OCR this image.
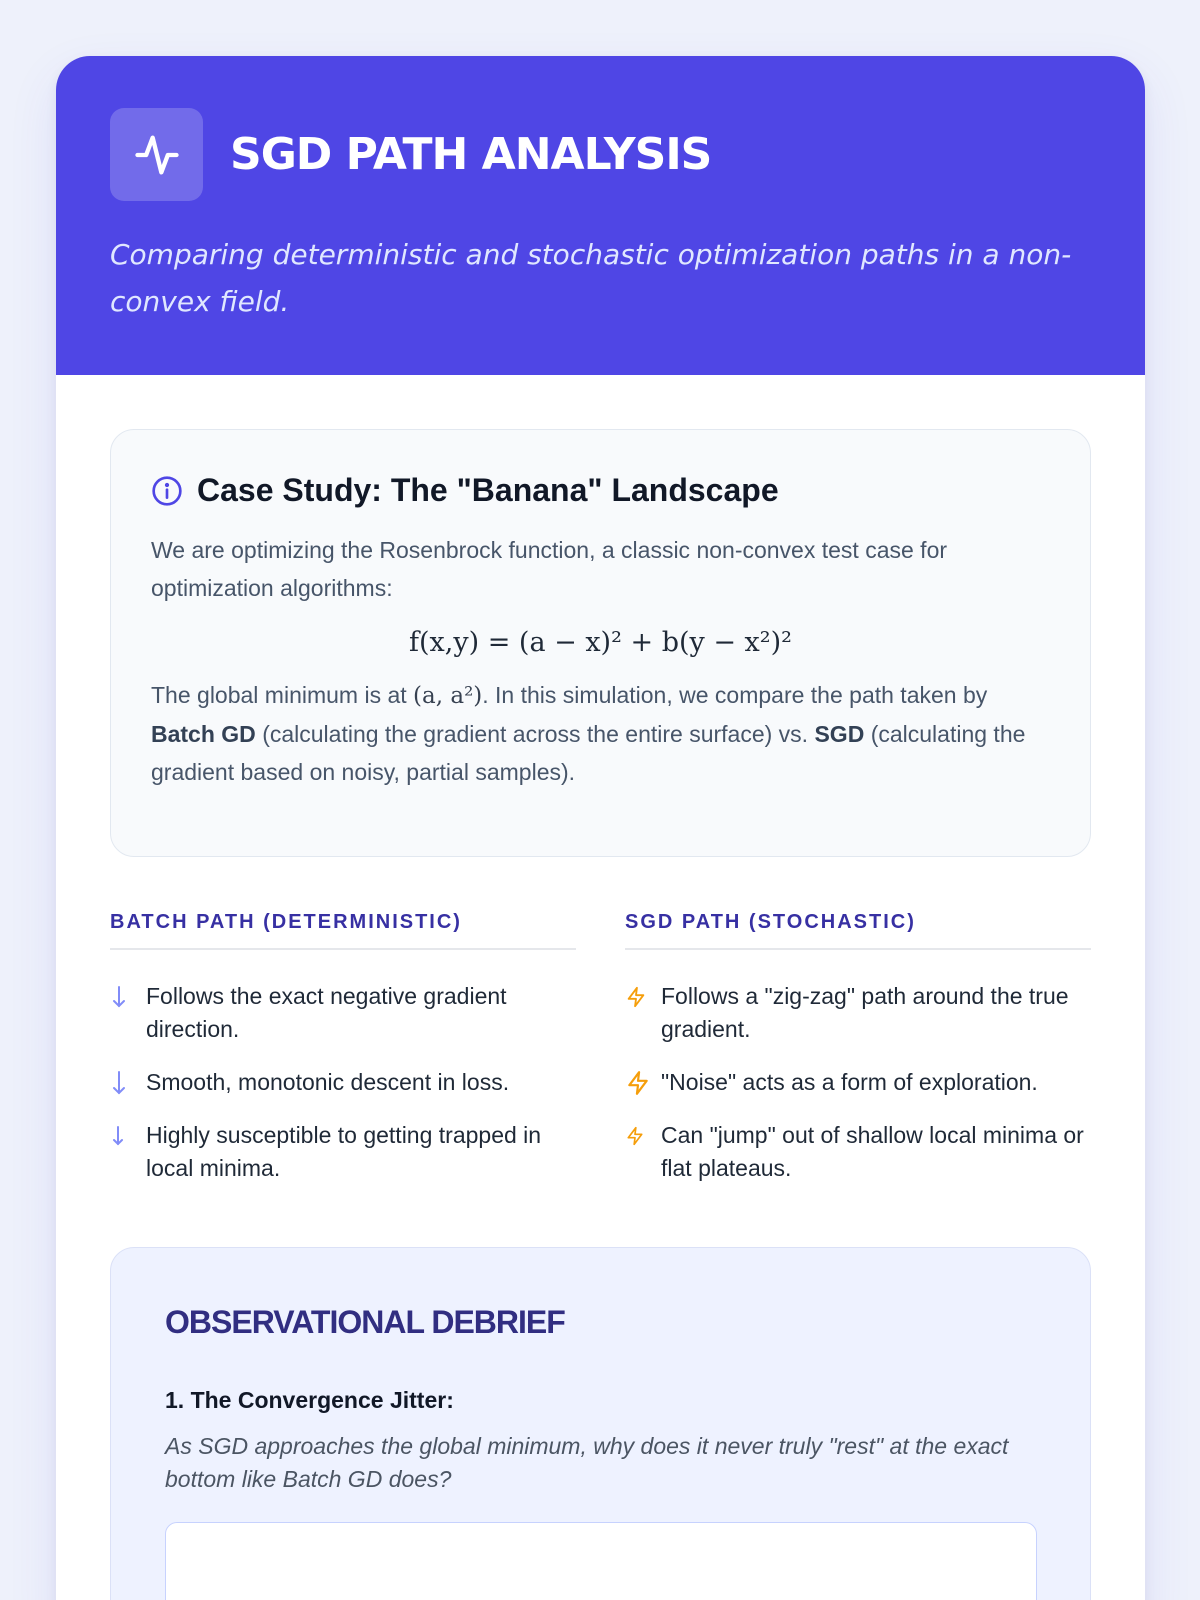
SGD PATH ANALYSIS

Comparing deterministic and stochastic optimization paths in a non-convex field.

Case Study: The "Banana" Landscape

We are optimizing the Rosenbrock function, a classic non-convex test case for optimization algorithms:

f(x,y) = (a − x)² + b(y − x²)²

The global minimum is at (a, a²). In this simulation, we compare the path taken by Batch GD (calculating the gradient across the entire surface) vs. SGD (calculating the gradient based on noisy, partial samples).

BATCH PATH (DETERMINISTIC)
Follows the exact negative gradient direction.
Smooth, monotonic descent in loss.
Highly susceptible to getting trapped in local minima.
SGD PATH (STOCHASTIC)
Follows a "zig-zag" path around the true gradient.
"Noise" acts as a form of exploration.
Can "jump" out of shallow local minima or flat plateaus.
OBSERVATIONAL DEBRIEF
1. The Convergence Jitter:

As SGD approaches the global minimum, why does it never truly "rest" at the exact bottom like Batch GD does?
